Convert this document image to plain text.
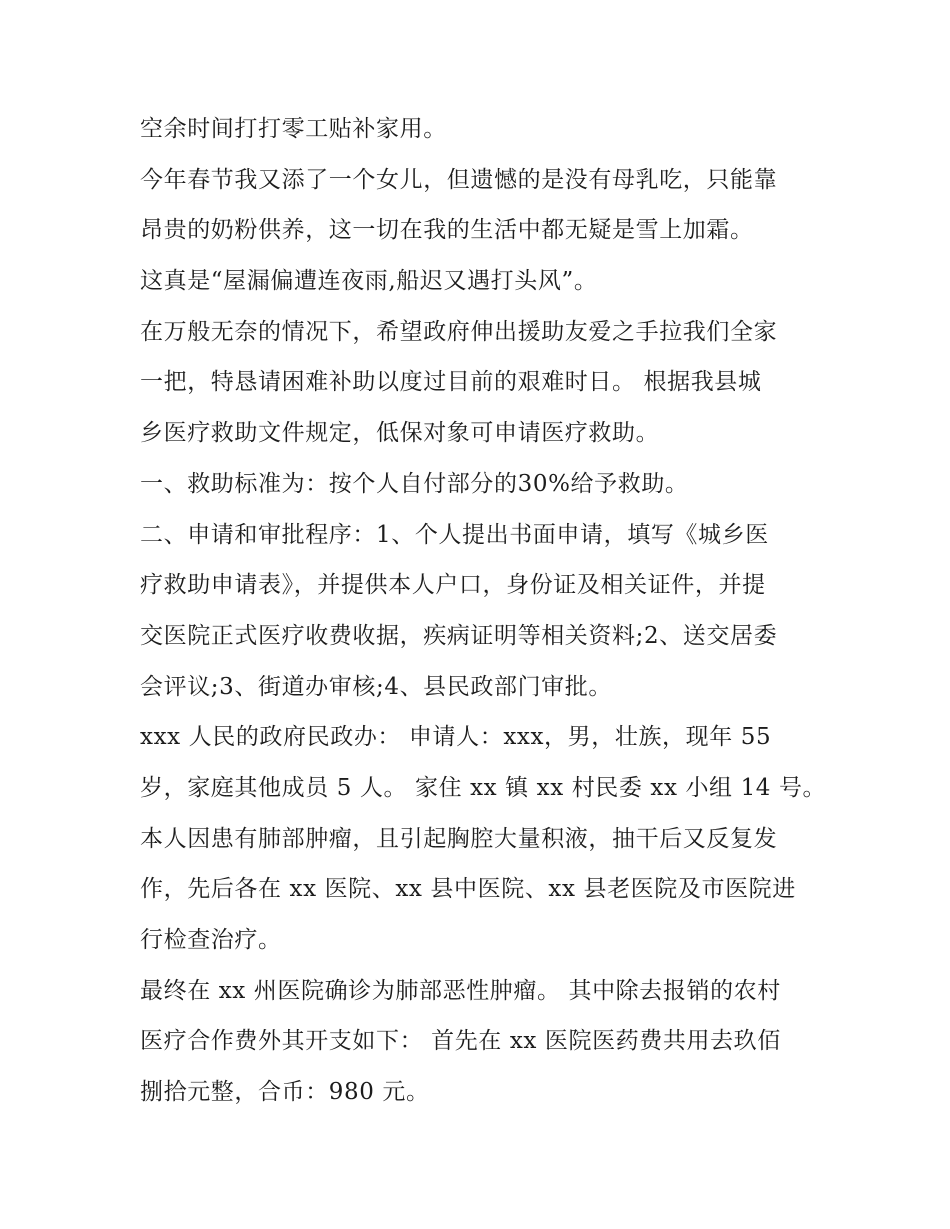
空余时间打打零工贴补家用。
今年春节我又添了一个女儿，但遗憾的是没有母乳吃，只能靠
昂贵的奶粉供养，这一切在我的生活中都无疑是雪上加霜。
这真是“屋漏偏遭连夜雨,船迟又遇打头风”。
在万般无奈的情况下，希望政府伸出援助友爱之手拉我们全家
一把，特恳请困难补助以度过目前的艰难时日。 根据我县城
乡医疗救助文件规定，低保对象可申请医疗救助。
一、救助标准为：按个人自付部分的30%给予救助。
二、申请和审批程序：1、个人提出书面申请，填写《城乡医
疗救助申请表》，并提供本人户口，身份证及相关证件，并提
交医院正式医疗收费收据，疾病证明等相关资料;2、送交居委
会评议;3、街道办审核;4、县民政部门审批。
xxx 人民的政府民政办： 申请人：xxx，男，壮族，现年 55
岁，家庭其他成员 5 人。 家住 xx 镇 xx 村民委 xx 小组 14 号。
本人因患有肺部肿瘤，且引起胸腔大量积液，抽干后又反复发
作，先后各在 xx 医院、xx 县中医院、xx 县老医院及市医院进
行检查治疗。
最终在 xx 州医院确诊为肺部恶性肿瘤。 其中除去报销的农村
医疗合作费外其开支如下： 首先在 xx 医院医药费共用去玖佰
捌拾元整，合币：980 元。
